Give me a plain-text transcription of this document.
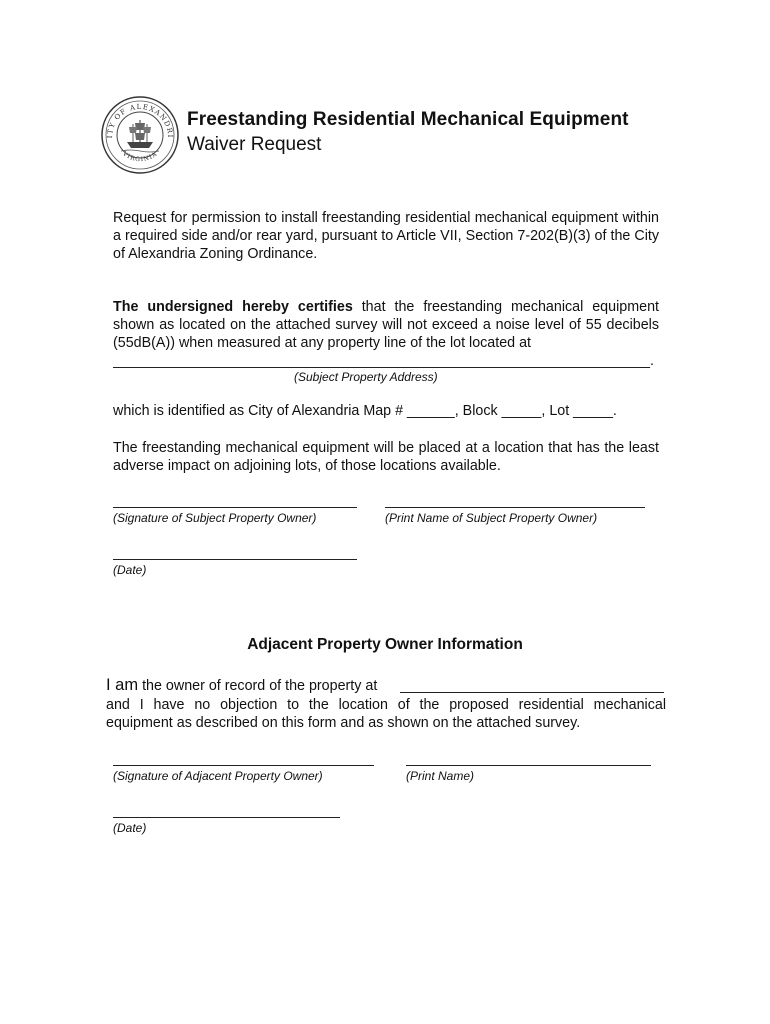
ITY OF ALEXANDRI
VIRGINIA
Freestanding Residential Mechanical Equipment
Waiver Request
Request for permission to install freestanding residential mechanical equipment within a required side and/or rear yard, pursuant to Article VII, Section 7-202(B)(3) of the City of Alexandria Zoning Ordinance.
The undersigned hereby certifies that the freestanding mechanical equipment shown as located on the attached survey will not exceed a noise level of 55 decibels (55dB(A)) when measured at any property line of the lot located at
_.
(Subject Property Address)
which is identified as City of Alexandria Map # ______, Block _____, Lot _____.
The freestanding mechanical equipment will be placed at a location that has the least adverse impact on adjoining lots, of those locations available.
(Signature of Subject Property Owner)	(Print Name of Subject Property Owner)
(Date)
Adjacent Property Owner Information
I am the owner of record of the property at
and I have no objection to the location of the proposed residential mechanical equipment as described on this form and as shown on the attached survey.
(Signature of Adjacent Property Owner)	(Print Name)
(Date)
